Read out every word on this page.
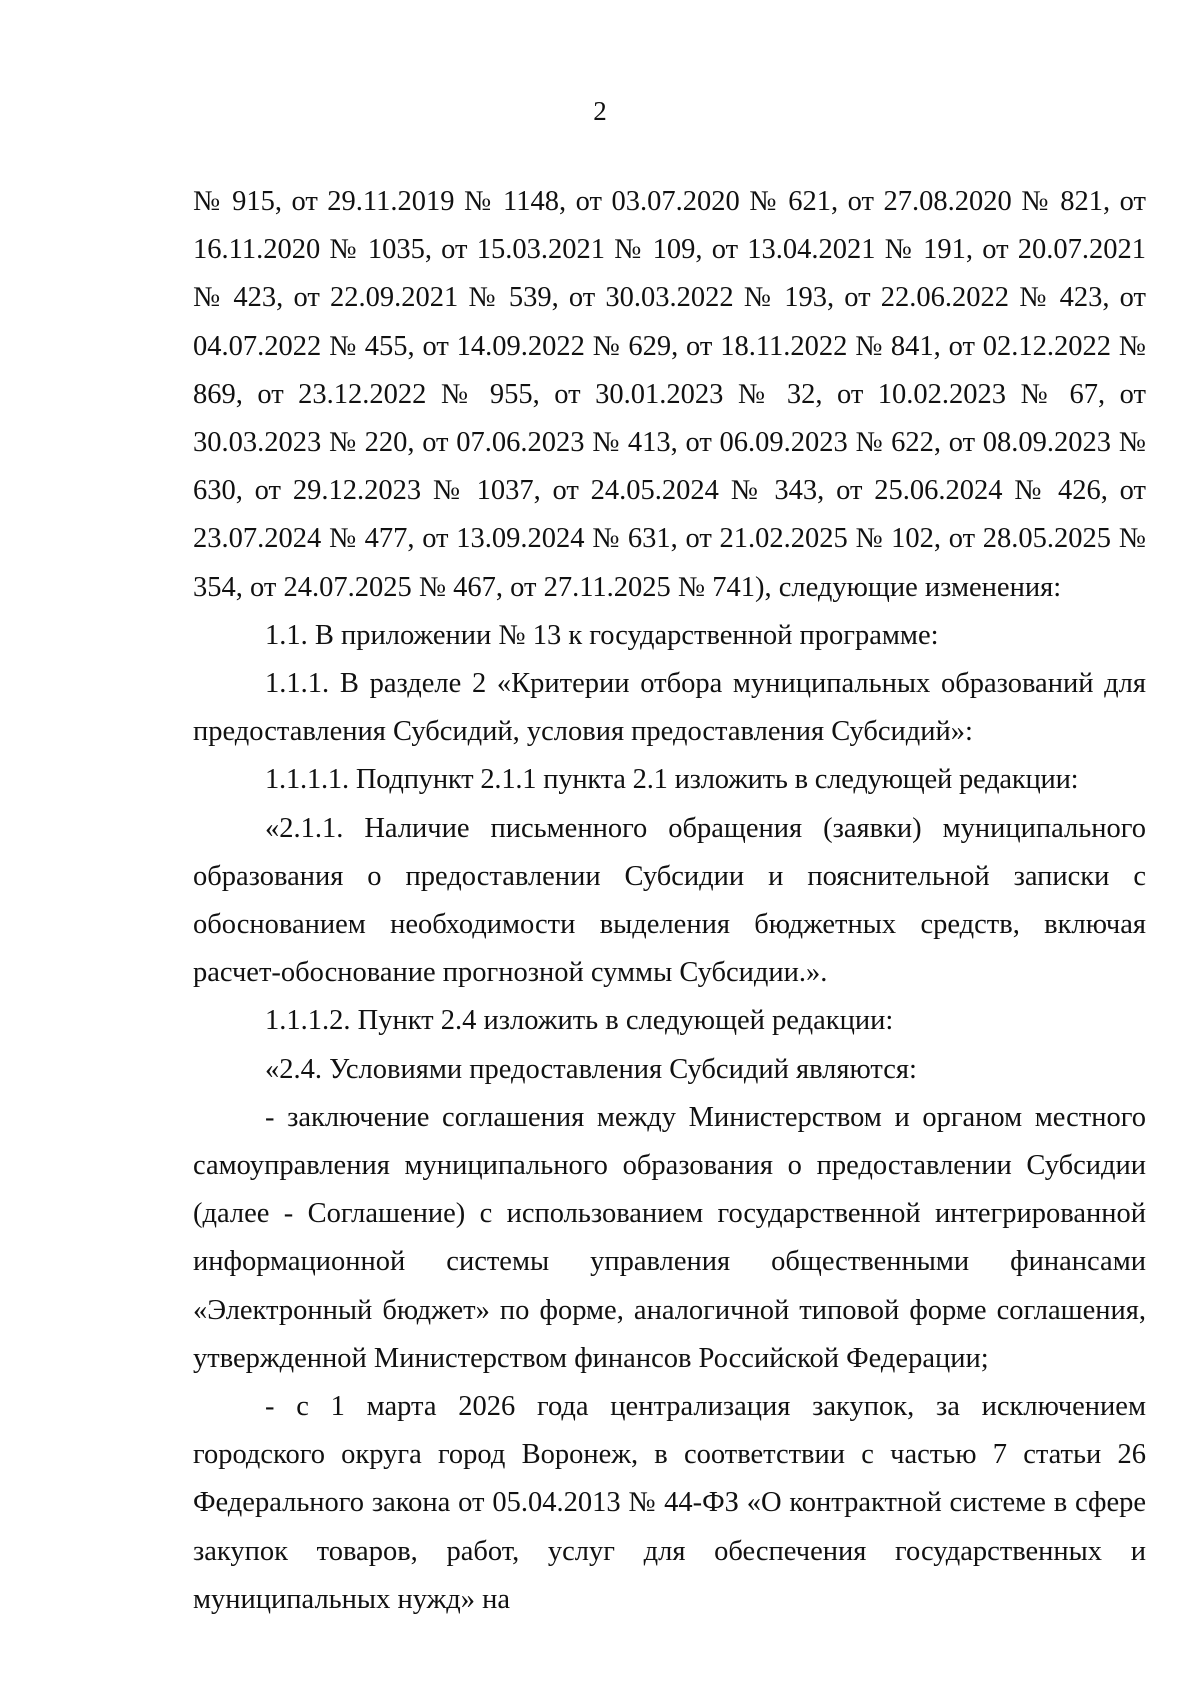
2

№ 915, от 29.11.2019 № 1148, от 03.07.2020 № 621, от 27.08.2020 № 821, от 16.11.2020 № 1035, от 15.03.2021 № 109, от 13.04.2021 № 191, от 20.07.2021 № 423, от 22.09.2021 № 539, от 30.03.2022 № 193, от 22.06.2022 № 423, от 04.07.2022 № 455, от 14.09.2022 № 629, от 18.11.2022 № 841, от 02.12.2022 № 869, от 23.12.2022 № 955, от 30.01.2023 № 32, от 10.02.2023 № 67, от 30.03.2023 № 220, от 07.06.2023 № 413, от 06.09.2023 № 622, от 08.09.2023 № 630, от 29.12.2023 № 1037, от 24.05.2024 № 343, от 25.06.2024 № 426, от 23.07.2024 № 477, от 13.09.2024 № 631, от 21.02.2025 № 102, от 28.05.2025 № 354, от 24.07.2025 № 467, от 27.11.2025 № 741), следующие изменения:

1.1. В приложении № 13 к государственной программе:

1.1.1. В разделе 2 «Критерии отбора муниципальных образований для предоставления Субсидий, условия предоставления Субсидий»:

1.1.1.1. Подпункт 2.1.1 пункта 2.1 изложить в следующей редакции:

«2.1.1. Наличие письменного обращения (заявки) муниципального образования о предоставлении Субсидии и пояснительной записки с обоснованием необходимости выделения бюджетных средств, включая расчет-обоснование прогнозной суммы Субсидии.».

1.1.1.2. Пункт 2.4 изложить в следующей редакции:

«2.4. Условиями предоставления Субсидий являются:

- заключение соглашения между Министерством и органом местного самоуправления муниципального образования о предоставлении Субсидии (далее - Соглашение) с использованием государственной интегрированной информационной системы управления общественными финансами «Электронный бюджет» по форме, аналогичной типовой форме соглашения, утвержденной Министерством финансов Российской Федерации;

- с 1 марта 2026 года централизация закупок, за исключением городского округа город Воронеж, в соответствии с частью 7 статьи 26 Федерального закона от 05.04.2013 № 44-ФЗ «О контрактной системе в сфере закупок товаров, работ, услуг для обеспечения государственных и муниципальных нужд» на
